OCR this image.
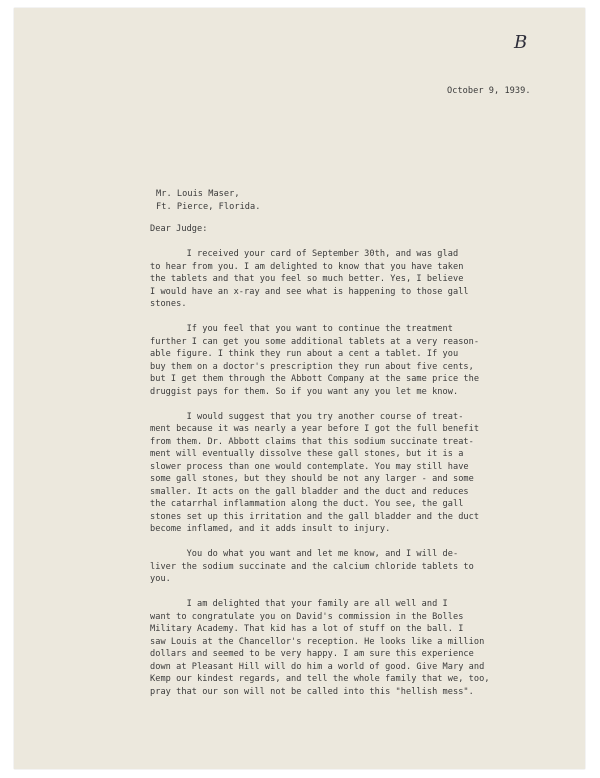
B
October 9, 1939.
Mr. Louis Maser,
Ft. Pierce, Florida.
Dear Judge:
I received your card of September 30th, and was glad
to hear from you. I am delighted to know that you have taken
the tablets and that you feel so much better. Yes, I believe
I would have an x-ray and see what is happening to those gall
stones.
If you feel that you want to continue the treatment
further I can get you some additional tablets at a very reason-
able figure. I think they run about a cent a tablet. If you
buy them on a doctor's prescription they run about five cents,
but I get them through the Abbott Company at the same price the
druggist pays for them. So if you want any you let me know.
I would suggest that you try another course of treat-
ment because it was nearly a year before I got the full benefit
from them. Dr. Abbott claims that this sodium succinate treat-
ment will eventually dissolve these gall stones, but it is a
slower process than one would contemplate. You may still have
some gall stones, but they should be not any larger - and some
smaller. It acts on the gall bladder and the duct and reduces
the catarrhal inflammation along the duct. You see, the gall
stones set up this irritation and the gall bladder and the duct
become inflamed, and it adds insult to injury.
You do what you want and let me know, and I will de-
liver the sodium succinate and the calcium chloride tablets to
you.
I am delighted that your family are all well and I
want to congratulate you on David's commission in the Bolles
Military Academy. That kid has a lot of stuff on the ball. I
saw Louis at the Chancellor's reception. He looks like a million
dollars and seemed to be very happy. I am sure this experience
down at Pleasant Hill will do him a world of good. Give Mary and
Kemp our kindest regards, and tell the whole family that we, too,
pray that our son will not be called into this "hellish mess".
